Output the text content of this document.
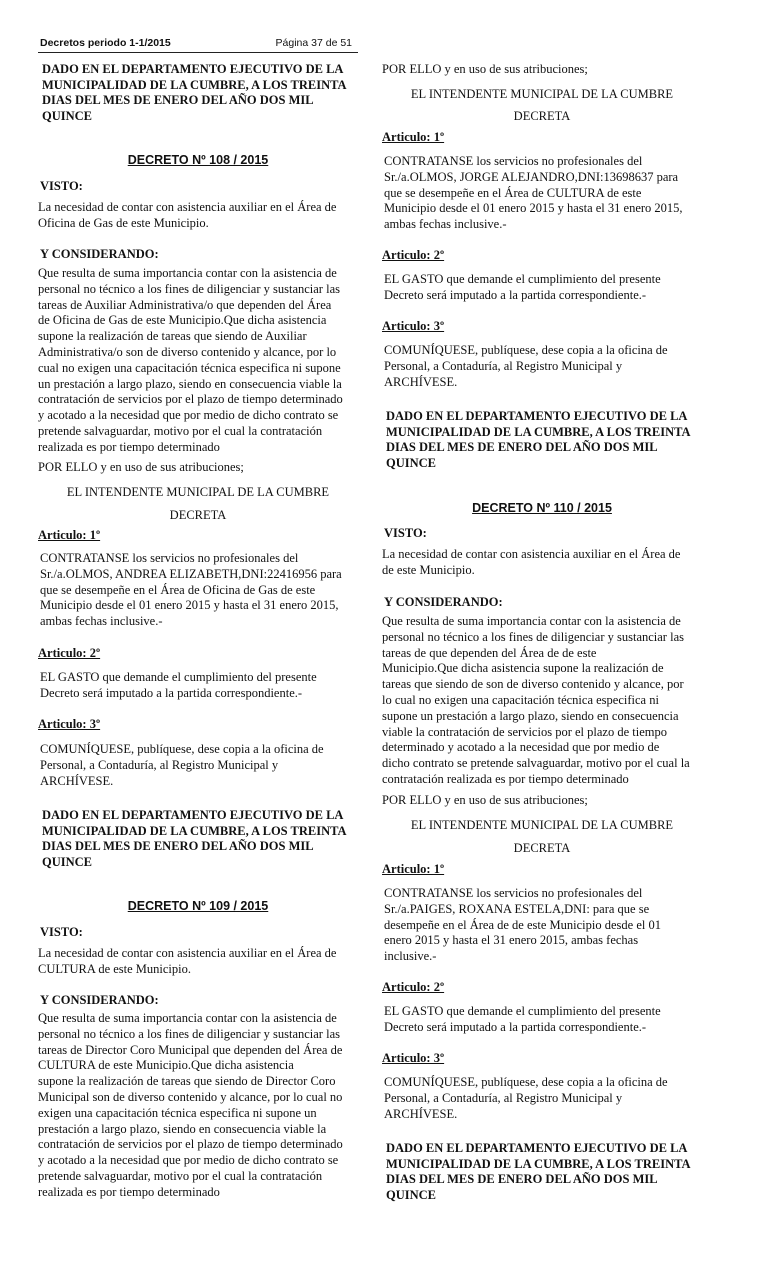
Decretos periodo 1-1/2015	Página 37 de 51
DADO EN EL DEPARTAMENTO EJECUTIVO DE LA
MUNICIPALIDAD DE LA CUMBRE, A LOS TREINTA
DIAS DEL MES DE ENERO DEL AÑO DOS MIL
QUINCE
DECRETO Nº 108 / 2015
VISTO:
La necesidad de contar con asistencia auxiliar en el Área de
Oficina de Gas de este Municipio.
Y CONSIDERANDO:
Que resulta de suma importancia contar con la asistencia de
personal no técnico a los fines de diligenciar y sustanciar las
tareas de Auxiliar Administrativa/o que dependen del Área
de Oficina de Gas de este Municipio.Que dicha asistencia
supone la realización de tareas que siendo de Auxiliar
Administrativa/o son de diverso contenido y alcance, por lo
cual no exigen una capacitación técnica especifica ni supone
un prestación a largo plazo, siendo en consecuencia viable la
contratación de servicios por el plazo de tiempo determinado
y acotado a la necesidad que por medio de dicho contrato se
pretende salvaguardar, motivo por el cual la contratación
realizada es por tiempo determinado
POR ELLO y en uso de sus atribuciones;
EL INTENDENTE MUNICIPAL DE LA CUMBRE
DECRETA
Articulo: 1º
CONTRATANSE los servicios no profesionales del
Sr./a.OLMOS, ANDREA ELIZABETH,DNI:22416956 para
que se desempeñe en el Área de Oficina de Gas de este
Municipio desde el 01 enero 2015 y hasta el 31 enero 2015,
ambas fechas inclusive.-
Articulo: 2º
EL GASTO que demande el cumplimiento del presente
Decreto será imputado a la partida correspondiente.-
Articulo: 3º
COMUNÍQUESE, publíquese, dese copia a la oficina de
Personal, a Contaduría, al Registro Municipal y
ARCHÍVESE.
DADO EN EL DEPARTAMENTO EJECUTIVO DE LA
MUNICIPALIDAD DE LA CUMBRE, A LOS TREINTA
DIAS DEL MES DE ENERO DEL AÑO DOS MIL
QUINCE
DECRETO Nº 109 / 2015
VISTO:
La necesidad de contar con asistencia auxiliar en el Área de
CULTURA de este Municipio.
Y CONSIDERANDO:
Que resulta de suma importancia contar con la asistencia de
personal no técnico a los fines de diligenciar y sustanciar las
tareas de Director Coro Municipal que dependen del Área de
CULTURA de este Municipio.Que dicha asistencia
supone la realización de tareas que siendo de Director Coro
Municipal son de diverso contenido y alcance, por lo cual no
exigen una capacitación técnica especifica ni supone un
prestación a largo plazo, siendo en consecuencia viable la
contratación de servicios por el plazo de tiempo determinado
y acotado a la necesidad que por medio de dicho contrato se
pretende salvaguardar, motivo por el cual la contratación
realizada es por tiempo determinado
POR ELLO y en uso de sus atribuciones;
EL INTENDENTE MUNICIPAL DE LA CUMBRE
DECRETA
Articulo: 1º
CONTRATANSE los servicios no profesionales del
Sr./a.OLMOS, JORGE ALEJANDRO,DNI:13698637 para
que se desempeñe en el Área de CULTURA de este
Municipio desde el 01 enero 2015 y hasta el 31 enero 2015,
ambas fechas inclusive.-
Articulo: 2º
EL GASTO que demande el cumplimiento del presente
Decreto será imputado a la partida correspondiente.-
Articulo: 3º
COMUNÍQUESE, publíquese, dese copia a la oficina de
Personal, a Contaduría, al Registro Municipal y
ARCHÍVESE.
DADO EN EL DEPARTAMENTO EJECUTIVO DE LA
MUNICIPALIDAD DE LA CUMBRE, A LOS TREINTA
DIAS DEL MES DE ENERO DEL AÑO DOS MIL
QUINCE
DECRETO Nº 110 / 2015
VISTO:
La necesidad de contar con asistencia auxiliar en el Área de
de este Municipio.
Y CONSIDERANDO:
Que resulta de suma importancia contar con la asistencia de
personal no técnico a los fines de diligenciar y sustanciar las
tareas de que dependen del Área de de este
Municipio.Que dicha asistencia supone la realización de
tareas que siendo de son de diverso contenido y alcance, por
lo cual no exigen una capacitación técnica especifica ni
supone un prestación a largo plazo, siendo en consecuencia
viable la contratación de servicios por el plazo de tiempo
determinado y acotado a la necesidad que por medio de
dicho contrato se pretende salvaguardar, motivo por el cual la
contratación realizada es por tiempo determinado
POR ELLO y en uso de sus atribuciones;
EL INTENDENTE MUNICIPAL DE LA CUMBRE
DECRETA
Articulo: 1º
CONTRATANSE los servicios no profesionales del
Sr./a.PAIGES, ROXANA ESTELA,DNI: para que se
desempeñe en el Área de de este Municipio desde el 01
enero 2015 y hasta el 31 enero 2015, ambas fechas
inclusive.-
Articulo: 2º
EL GASTO que demande el cumplimiento del presente
Decreto será imputado a la partida correspondiente.-
Articulo: 3º
COMUNÍQUESE, publíquese, dese copia a la oficina de
Personal, a Contaduría, al Registro Municipal y
ARCHÍVESE.
DADO EN EL DEPARTAMENTO EJECUTIVO DE LA
MUNICIPALIDAD DE LA CUMBRE, A LOS TREINTA
DIAS DEL MES DE ENERO DEL AÑO DOS MIL
QUINCE
